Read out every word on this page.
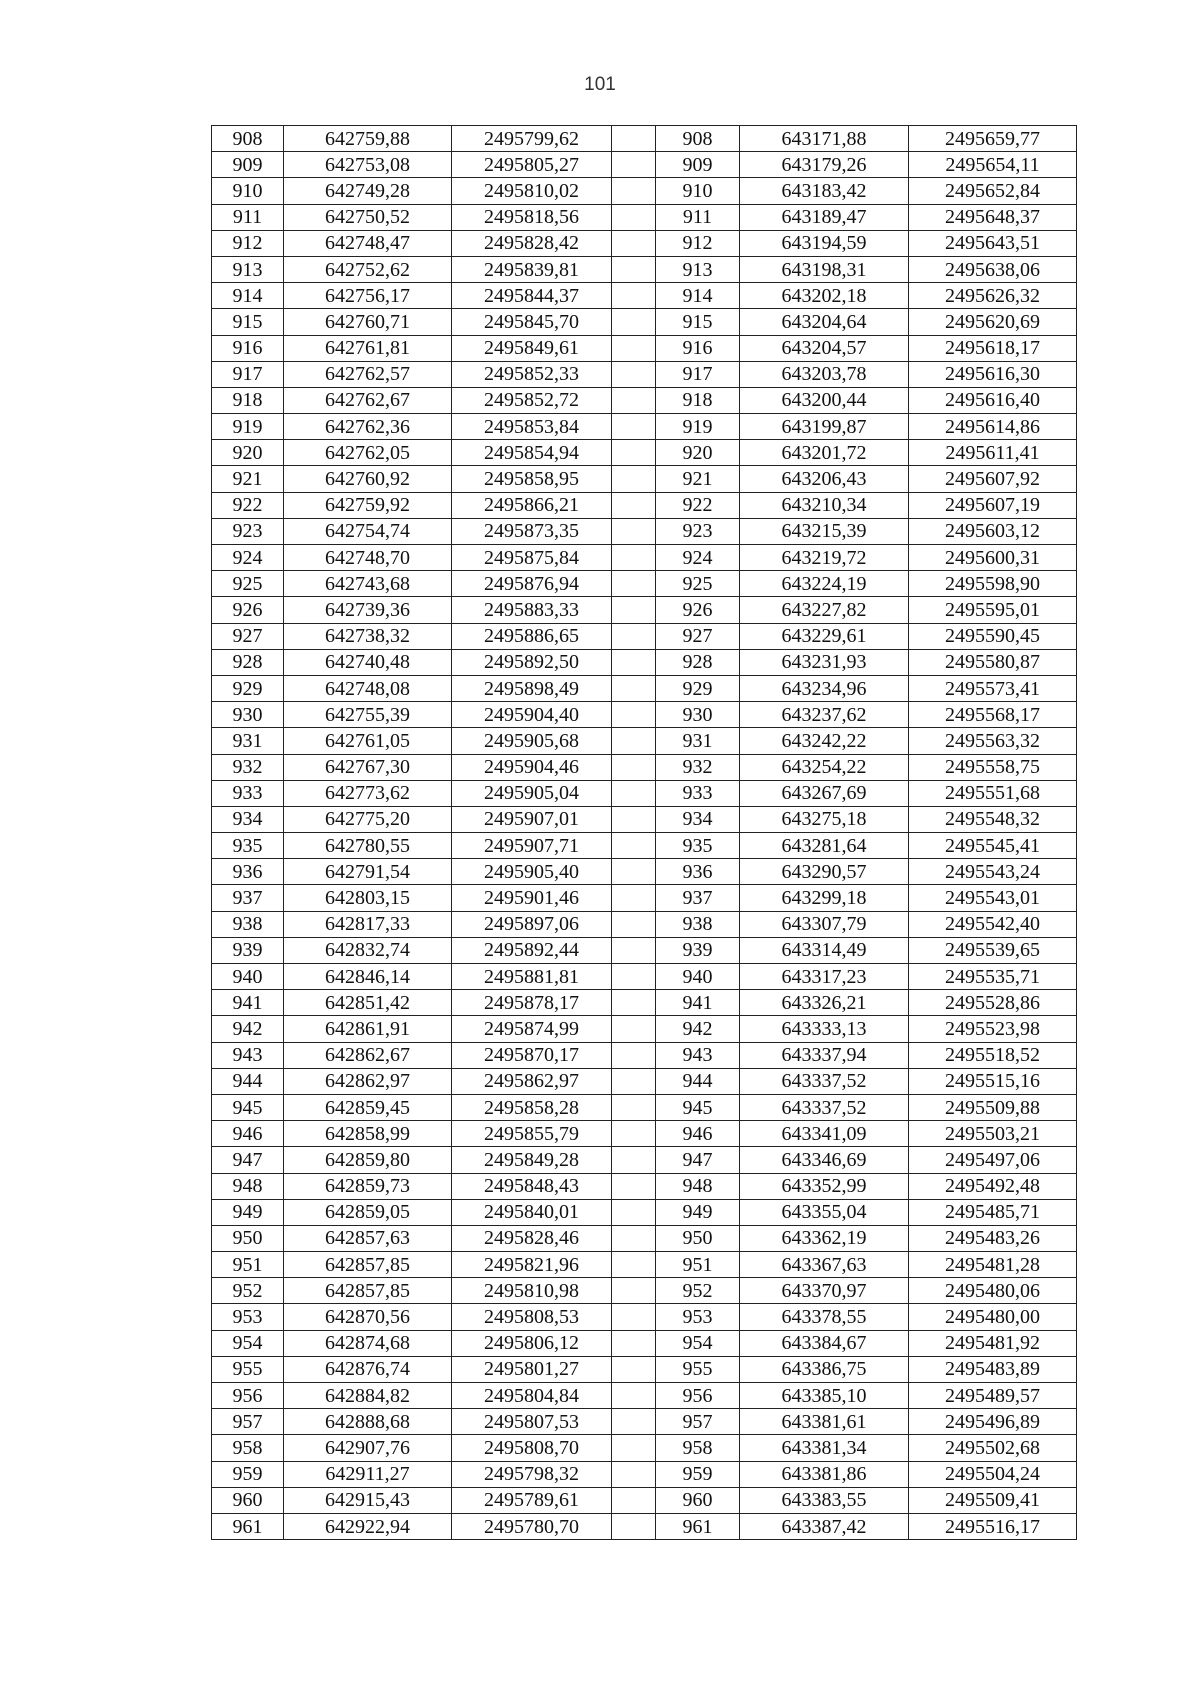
101
908	642759,88	2495799,62		908	643171,88	2495659,77
909	642753,08	2495805,27		909	643179,26	2495654,11
910	642749,28	2495810,02		910	643183,42	2495652,84
911	642750,52	2495818,56		911	643189,47	2495648,37
912	642748,47	2495828,42		912	643194,59	2495643,51
913	642752,62	2495839,81		913	643198,31	2495638,06
914	642756,17	2495844,37		914	643202,18	2495626,32
915	642760,71	2495845,70		915	643204,64	2495620,69
916	642761,81	2495849,61		916	643204,57	2495618,17
917	642762,57	2495852,33		917	643203,78	2495616,30
918	642762,67	2495852,72		918	643200,44	2495616,40
919	642762,36	2495853,84		919	643199,87	2495614,86
920	642762,05	2495854,94		920	643201,72	2495611,41
921	642760,92	2495858,95		921	643206,43	2495607,92
922	642759,92	2495866,21		922	643210,34	2495607,19
923	642754,74	2495873,35		923	643215,39	2495603,12
924	642748,70	2495875,84		924	643219,72	2495600,31
925	642743,68	2495876,94		925	643224,19	2495598,90
926	642739,36	2495883,33		926	643227,82	2495595,01
927	642738,32	2495886,65		927	643229,61	2495590,45
928	642740,48	2495892,50		928	643231,93	2495580,87
929	642748,08	2495898,49		929	643234,96	2495573,41
930	642755,39	2495904,40		930	643237,62	2495568,17
931	642761,05	2495905,68		931	643242,22	2495563,32
932	642767,30	2495904,46		932	643254,22	2495558,75
933	642773,62	2495905,04		933	643267,69	2495551,68
934	642775,20	2495907,01		934	643275,18	2495548,32
935	642780,55	2495907,71		935	643281,64	2495545,41
936	642791,54	2495905,40		936	643290,57	2495543,24
937	642803,15	2495901,46		937	643299,18	2495543,01
938	642817,33	2495897,06		938	643307,79	2495542,40
939	642832,74	2495892,44		939	643314,49	2495539,65
940	642846,14	2495881,81		940	643317,23	2495535,71
941	642851,42	2495878,17		941	643326,21	2495528,86
942	642861,91	2495874,99		942	643333,13	2495523,98
943	642862,67	2495870,17		943	643337,94	2495518,52
944	642862,97	2495862,97		944	643337,52	2495515,16
945	642859,45	2495858,28		945	643337,52	2495509,88
946	642858,99	2495855,79		946	643341,09	2495503,21
947	642859,80	2495849,28		947	643346,69	2495497,06
948	642859,73	2495848,43		948	643352,99	2495492,48
949	642859,05	2495840,01		949	643355,04	2495485,71
950	642857,63	2495828,46		950	643362,19	2495483,26
951	642857,85	2495821,96		951	643367,63	2495481,28
952	642857,85	2495810,98		952	643370,97	2495480,06
953	642870,56	2495808,53		953	643378,55	2495480,00
954	642874,68	2495806,12		954	643384,67	2495481,92
955	642876,74	2495801,27		955	643386,75	2495483,89
956	642884,82	2495804,84		956	643385,10	2495489,57
957	642888,68	2495807,53		957	643381,61	2495496,89
958	642907,76	2495808,70		958	643381,34	2495502,68
959	642911,27	2495798,32		959	643381,86	2495504,24
960	642915,43	2495789,61		960	643383,55	2495509,41
961	642922,94	2495780,70		961	643387,42	2495516,17
